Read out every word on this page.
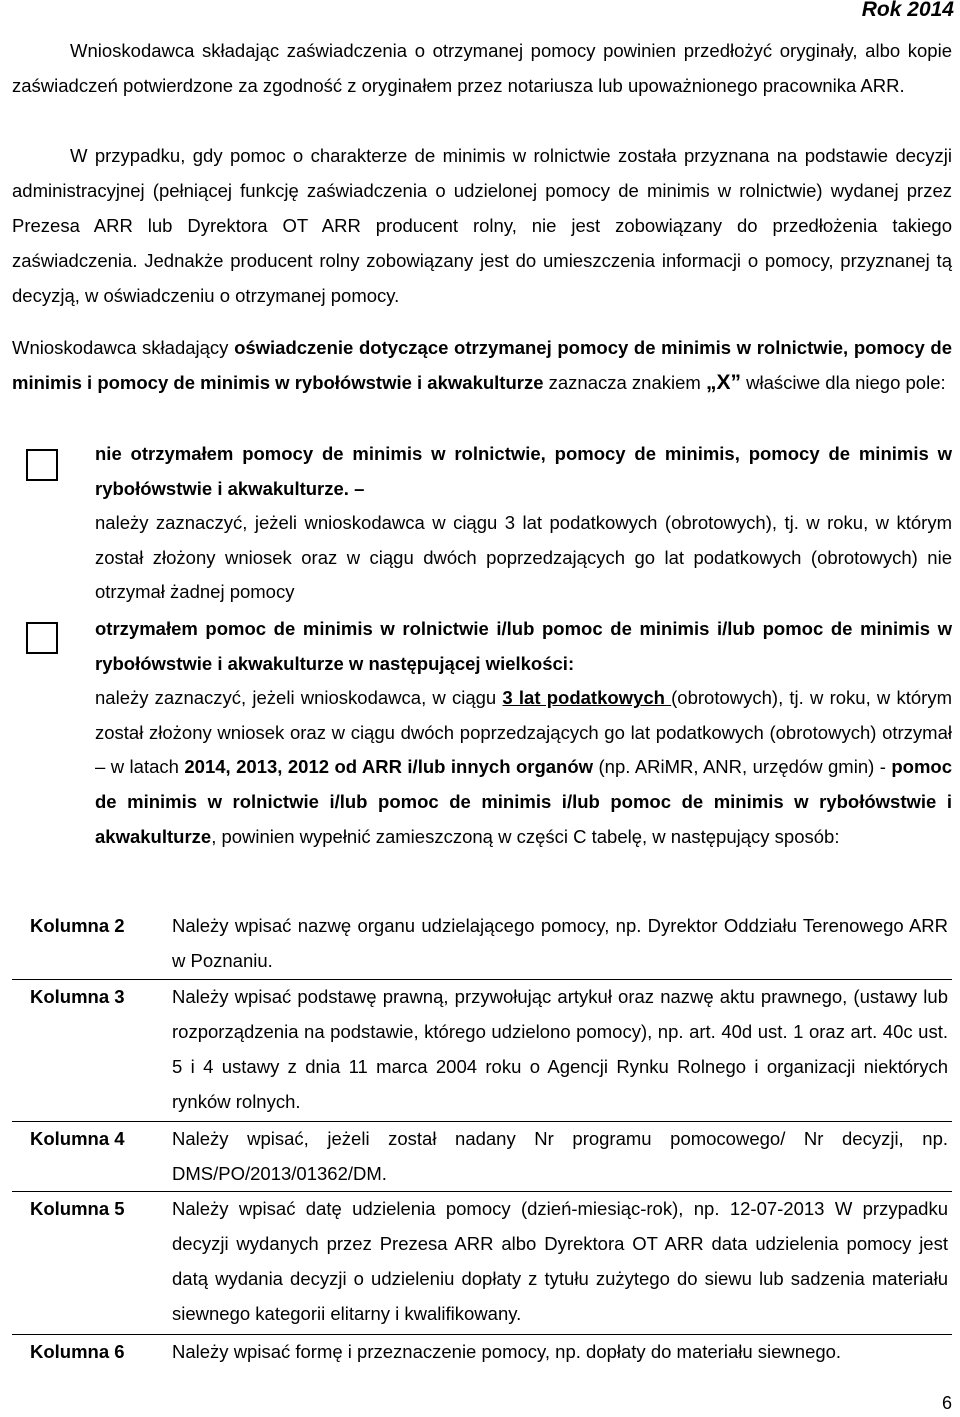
Rok 2014
Wnioskodawca składając zaświadczenia o otrzymanej pomocy powinien przedłożyć oryginały, albo kopie zaświadczeń potwierdzone za zgodność z oryginałem przez notariusza lub upoważnionego pracownika ARR.
W przypadku, gdy pomoc o charakterze de minimis w rolnictwie została przyznana na podstawie decyzji administracyjnej (pełniącej funkcję zaświadczenia o udzielonej pomocy de minimis w rolnictwie) wydanej przez Prezesa ARR lub Dyrektora OT ARR producent rolny, nie jest zobowiązany do przedłożenia takiego zaświadczenia. Jednakże producent rolny zobowiązany jest do umieszczenia informacji o pomocy, przyznanej tą decyzją, w oświadczeniu o otrzymanej pomocy.
Wnioskodawca składający oświadczenie dotyczące otrzymanej pomocy de minimis w rolnictwie, pomocy de minimis i pomocy de minimis w rybołówstwie i akwakulturze zaznacza znakiem „X” właściwe dla niego pole:
nie otrzymałem pomocy de minimis w rolnictwie, pomocy de minimis, pomocy de minimis w rybołówstwie i akwakulturze. –
należy zaznaczyć, jeżeli wnioskodawca w ciągu 3 lat podatkowych (obrotowych), tj. w roku, w którym został złożony wniosek oraz w ciągu dwóch poprzedzających go lat podatkowych (obrotowych) nie otrzymał żadnej pomocy
otrzymałem pomoc de minimis w rolnictwie i/lub pomoc de minimis i/lub pomoc de minimis w rybołówstwie i akwakulturze w następującej wielkości:
należy zaznaczyć, jeżeli wnioskodawca, w ciągu 3 lat podatkowych (obrotowych), tj. w roku, w którym został złożony wniosek oraz w ciągu dwóch poprzedzających go lat podatkowych (obrotowych) otrzymał – w latach 2014, 2013, 2012 od ARR i/lub innych organów (np. ARiMR, ANR, urzędów gmin) - pomoc de minimis w rolnictwie i/lub pomoc de minimis i/lub pomoc de minimis w rybołówstwie i akwakulturze, powinien wypełnić zamieszczoną w części C tabelę, w następujący sposób:
Kolumna 2	Należy wpisać nazwę organu udzielającego pomocy, np. Dyrektor Oddziału Terenowego ARR w Poznaniu.
Kolumna 3	Należy wpisać podstawę prawną, przywołując artykuł oraz nazwę aktu prawnego, (ustawy lub rozporządzenia na podstawie, którego udzielono pomocy), np. art. 40d ust. 1 oraz art. 40c ust. 5 i 4 ustawy z dnia 11 marca 2004 roku o Agencji Rynku Rolnego i organizacji niektórych rynków rolnych.
Kolumna 4	Należy wpisać, jeżeli został nadany Nr programu pomocowego/ Nr decyzji, np. DMS/PO/2013/01362/DM.
Kolumna 5	Należy wpisać datę udzielenia pomocy (dzień-miesiąc-rok), np. 12-07-2013 W przypadku decyzji wydanych przez Prezesa ARR albo Dyrektora OT ARR data udzielenia pomocy jest datą wydania decyzji o udzieleniu dopłaty z tytułu zużytego do siewu lub sadzenia materiału siewnego kategorii elitarny i kwalifikowany.
Kolumna 6	Należy wpisać formę i przeznaczenie pomocy, np. dopłaty do materiału siewnego.
6
